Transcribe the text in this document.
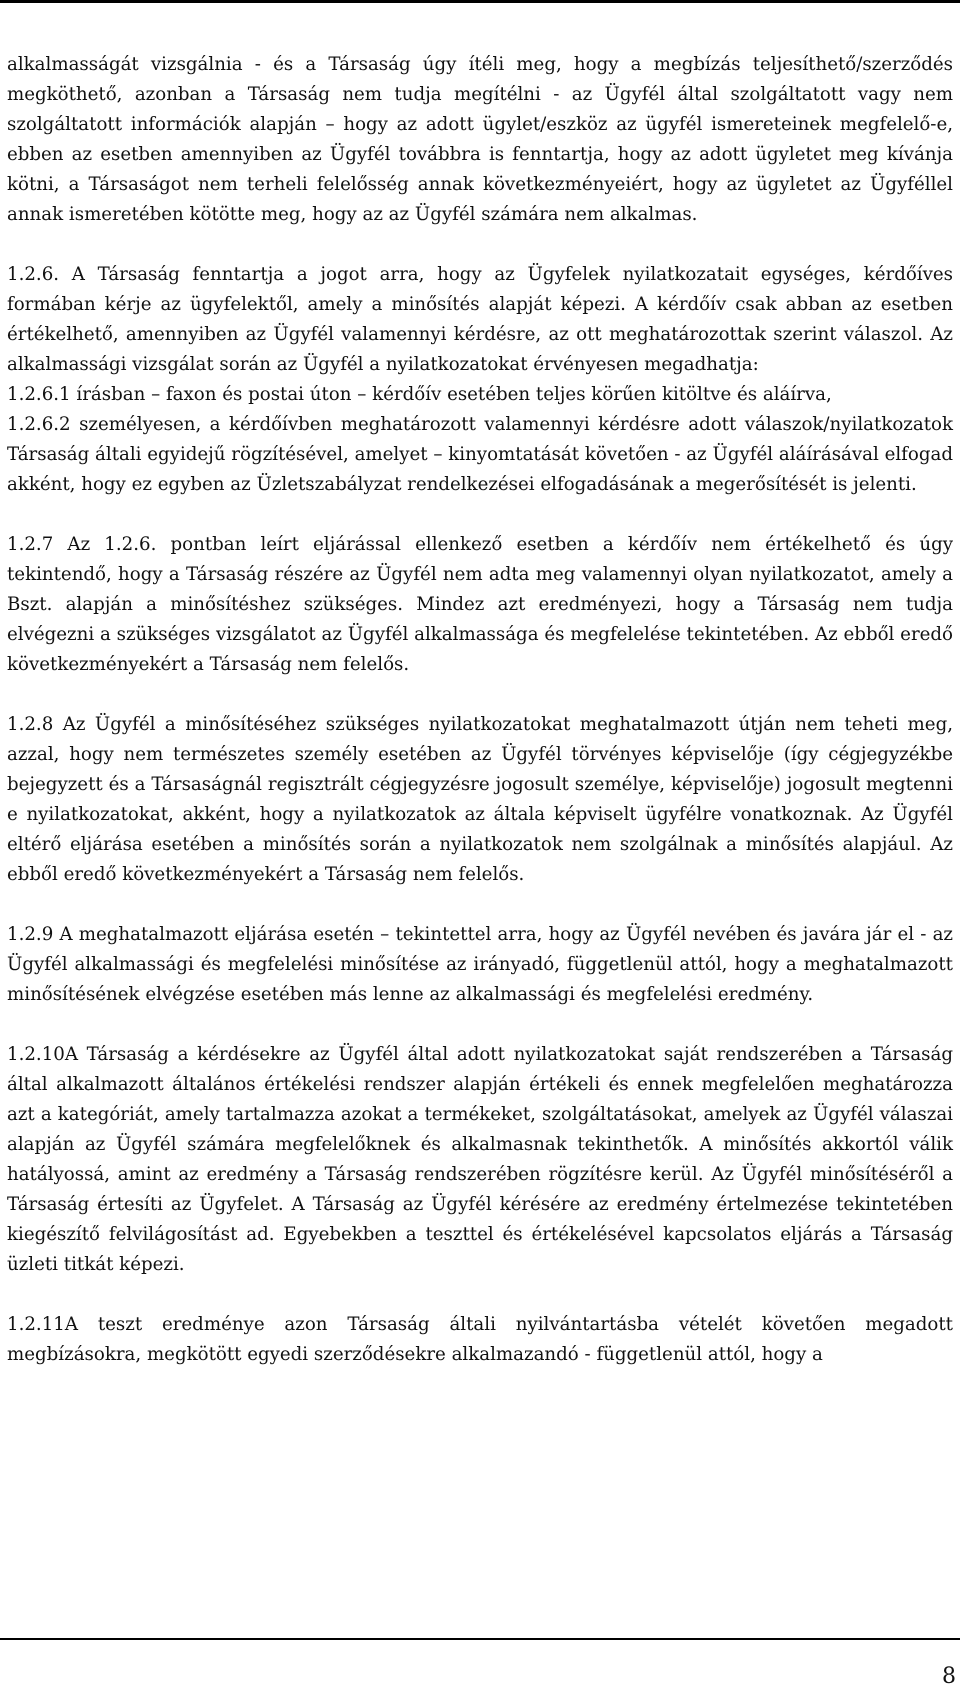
alkalmasságát vizsgálnia - és a Társaság úgy ítéli meg, hogy a megbízás teljesíthető/szerződés megköthető, azonban a Társaság nem tudja megítélni - az Ügyfél által szolgáltatott vagy nem szolgáltatott információk alapján – hogy az adott ügylet/eszköz az ügyfél ismereteinek megfelelő-e, ebben az esetben amennyiben az Ügyfél továbbra is fenntartja, hogy az adott ügyletet meg kívánja kötni, a Társaságot nem terheli felelősség annak következményeiért, hogy az ügyletet az Ügyféllel annak ismeretében kötötte meg, hogy az az Ügyfél számára nem alkalmas.

1.2.6. A Társaság fenntartja a jogot arra, hogy az Ügyfelek nyilatkozatait egységes, kérdőíves formában kérje az ügyfelektől, amely a minősítés alapját képezi. A kérdőív csak abban az esetben értékelhető, amennyiben az Ügyfél valamennyi kérdésre, az ott meghatározottak szerint válaszol. Az alkalmassági vizsgálat során az Ügyfél a nyilatkozatokat érvényesen megadhatja:

1.2.6.1 írásban – faxon és postai úton – kérdőív esetében teljes körűen kitöltve és aláírva,

1.2.6.2 személyesen, a kérdőívben meghatározott valamennyi kérdésre adott válaszok/nyilatkozatok Társaság általi egyidejű rögzítésével, amelyet – kinyomtatását követően - az Ügyfél aláírásával elfogad akként, hogy ez egyben az Üzletszabályzat rendelkezései elfogadásának a megerősítését is jelenti.

1.2.7 Az 1.2.6. pontban leírt eljárással ellenkező esetben a kérdőív nem értékelhető és úgy tekintendő, hogy a Társaság részére az Ügyfél nem adta meg valamennyi olyan nyilatkozatot, amely a Bszt. alapján a minősítéshez szükséges. Mindez azt eredményezi, hogy a Társaság nem tudja elvégezni a szükséges vizsgálatot az Ügyfél alkalmassága és megfelelése tekintetében. Az ebből eredő következményekért a Társaság nem felelős.

1.2.8 Az Ügyfél a minősítéséhez szükséges nyilatkozatokat meghatalmazott útján nem teheti meg, azzal, hogy nem természetes személy esetében az Ügyfél törvényes képviselője (így cégjegyzékbe bejegyzett és a Társaságnál regisztrált cégjegyzésre jogosult személye, képviselője) jogosult megtenni e nyilatkozatokat, akként, hogy a nyilatkozatok az általa képviselt ügyfélre vonatkoznak. Az Ügyfél eltérő eljárása esetében a minősítés során a nyilatkozatok nem szolgálnak a minősítés alapjául. Az ebből eredő következményekért a Társaság nem felelős.

1.2.9 A meghatalmazott eljárása esetén – tekintettel arra, hogy az Ügyfél nevében és javára jár el - az Ügyfél alkalmassági és megfelelési minősítése az irányadó, függetlenül attól, hogy a meghatalmazott minősítésének elvégzése esetében más lenne az alkalmassági és megfelelési eredmény.

1.2.10A Társaság a kérdésekre az Ügyfél által adott nyilatkozatokat saját rendszerében a Társaság által alkalmazott általános értékelési rendszer alapján értékeli és ennek megfelelően meghatározza azt a kategóriát, amely tartalmazza azokat a termékeket, szolgáltatásokat, amelyek az Ügyfél válaszai alapján az Ügyfél számára megfelelőknek és alkalmasnak tekinthetők. A minősítés akkortól válik hatályossá, amint az eredmény a Társaság rendszerében rögzítésre kerül. Az Ügyfél minősítéséről a Társaság értesíti az Ügyfelet. A Társaság az Ügyfél kérésére az eredmény értelmezése tekintetében kiegészítő felvilágosítást ad. Egyebekben a teszttel és értékelésével kapcsolatos eljárás a Társaság üzleti titkát képezi.

1.2.11A teszt eredménye azon Társaság általi nyilvántartásba vételét követően megadott megbízásokra, megkötött egyedi szerződésekre alkalmazandó - függetlenül attól, hogy a

8
